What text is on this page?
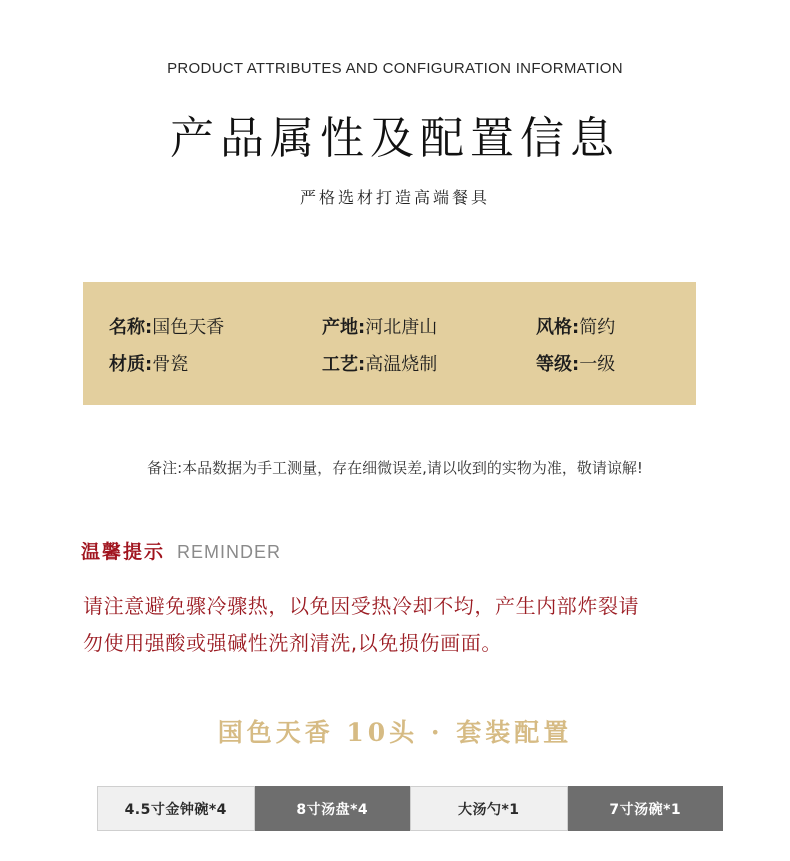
PRODUCT ATTRIBUTES AND CONFIGURATION INFORMATION
产品属性及配置信息
严格选材打造高端餐具
名称:国色天香	产地:河北唐山	风格:简约
材质:骨瓷	工艺:高温烧制	等级:一级
备注:本品数据为手工测量，存在细微误差,请以收到的实物为准，敬请谅解!
温馨提示 REMINDER
请注意避免骤冷骤热，以免因受热冷却不均，产生内部炸裂请
勿使用强酸或强碱性洗剂清洗,以免损伤画面。
国色天香 10头 · 套装配置
4.5寸金钟碗*4	8寸汤盘*4	大汤勺*1	7寸汤碗*1
